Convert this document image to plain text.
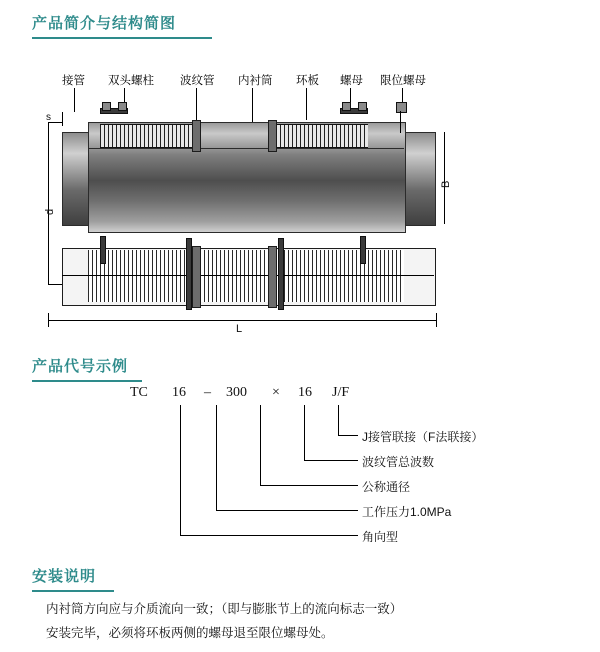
产品简介与结构简图
接管 双头螺柱 波纹管 内衬筒 环板 螺母 限位螺母
d
s
B
L
产品代号示例
TC 16 – 300 × 16 J/F
J接管联接（F法联接）
波纹管总波数
公称通径
工作压力1.0MPa
角向型
安装说明

内衬筒方向应与介质流向一致；（即与膨胀节上的流向标志一致）

安装完毕，必须将环板两侧的螺母退至限位螺母处。
